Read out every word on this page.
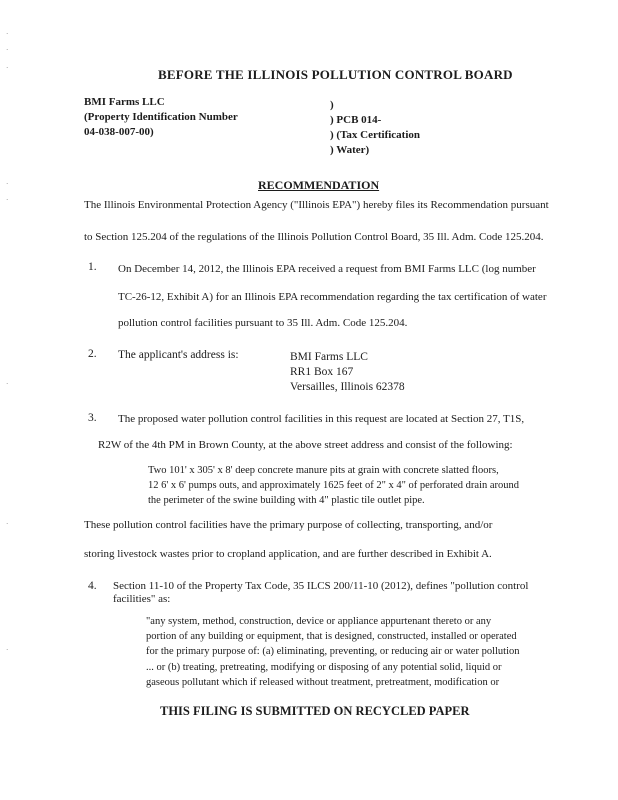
·
·
·
·
·
·
·
·
BEFORE THE ILLINOIS POLLUTION CONTROL BOARD
BMI Farms LLC
(Property Identification Number
04-038-007-00)
)
) PCB 014-
) (Tax Certification
) Water)
RECOMMENDATION
The Illinois Environmental Protection Agency ("Illinois EPA") hereby files its Recommendation pursuant
to Section 125.204 of the regulations of the Illinois Pollution Control Board, 35 Ill. Adm. Code 125.204.
1. On December 14, 2012, the Illinois EPA received a request from BMI Farms LLC (log number
TC-26-12, Exhibit A) for an Illinois EPA recommendation regarding the tax certification of water
pollution control facilities pursuant to 35 Ill. Adm. Code 125.204.
2. The applicant's address is:	BMI Farms LLC
RR1 Box 167
Versailles, Illinois 62378
3. The proposed water pollution control facilities in this request are located at Section 27, T1S,
R2W of the 4th PM in Brown County, at the above street address and consist of the following:
Two 101' x 305' x 8' deep concrete manure pits at grain with concrete slatted floors,
12 6' x 6' pumps outs, and approximately 1625 feet of 2" x 4" of perforated drain around
the perimeter of the swine building with 4" plastic tile outlet pipe.
These pollution control facilities have the primary purpose of collecting, transporting, and/or
storing livestock wastes prior to cropland application, and are further described in Exhibit A.
4. Section 11-10 of the Property Tax Code, 35 ILCS 200/11-10 (2012), defines "pollution control
facilities" as:
"any system, method, construction, device or appliance appurtenant thereto or any
portion of any building or equipment, that is designed, constructed, installed or operated
for the primary purpose of: (a) eliminating, preventing, or reducing air or water pollution
... or (b) treating, pretreating, modifying or disposing of any potential solid, liquid or
gaseous pollutant which if released without treatment, pretreatment, modification or
THIS FILING IS SUBMITTED ON RECYCLED PAPER
